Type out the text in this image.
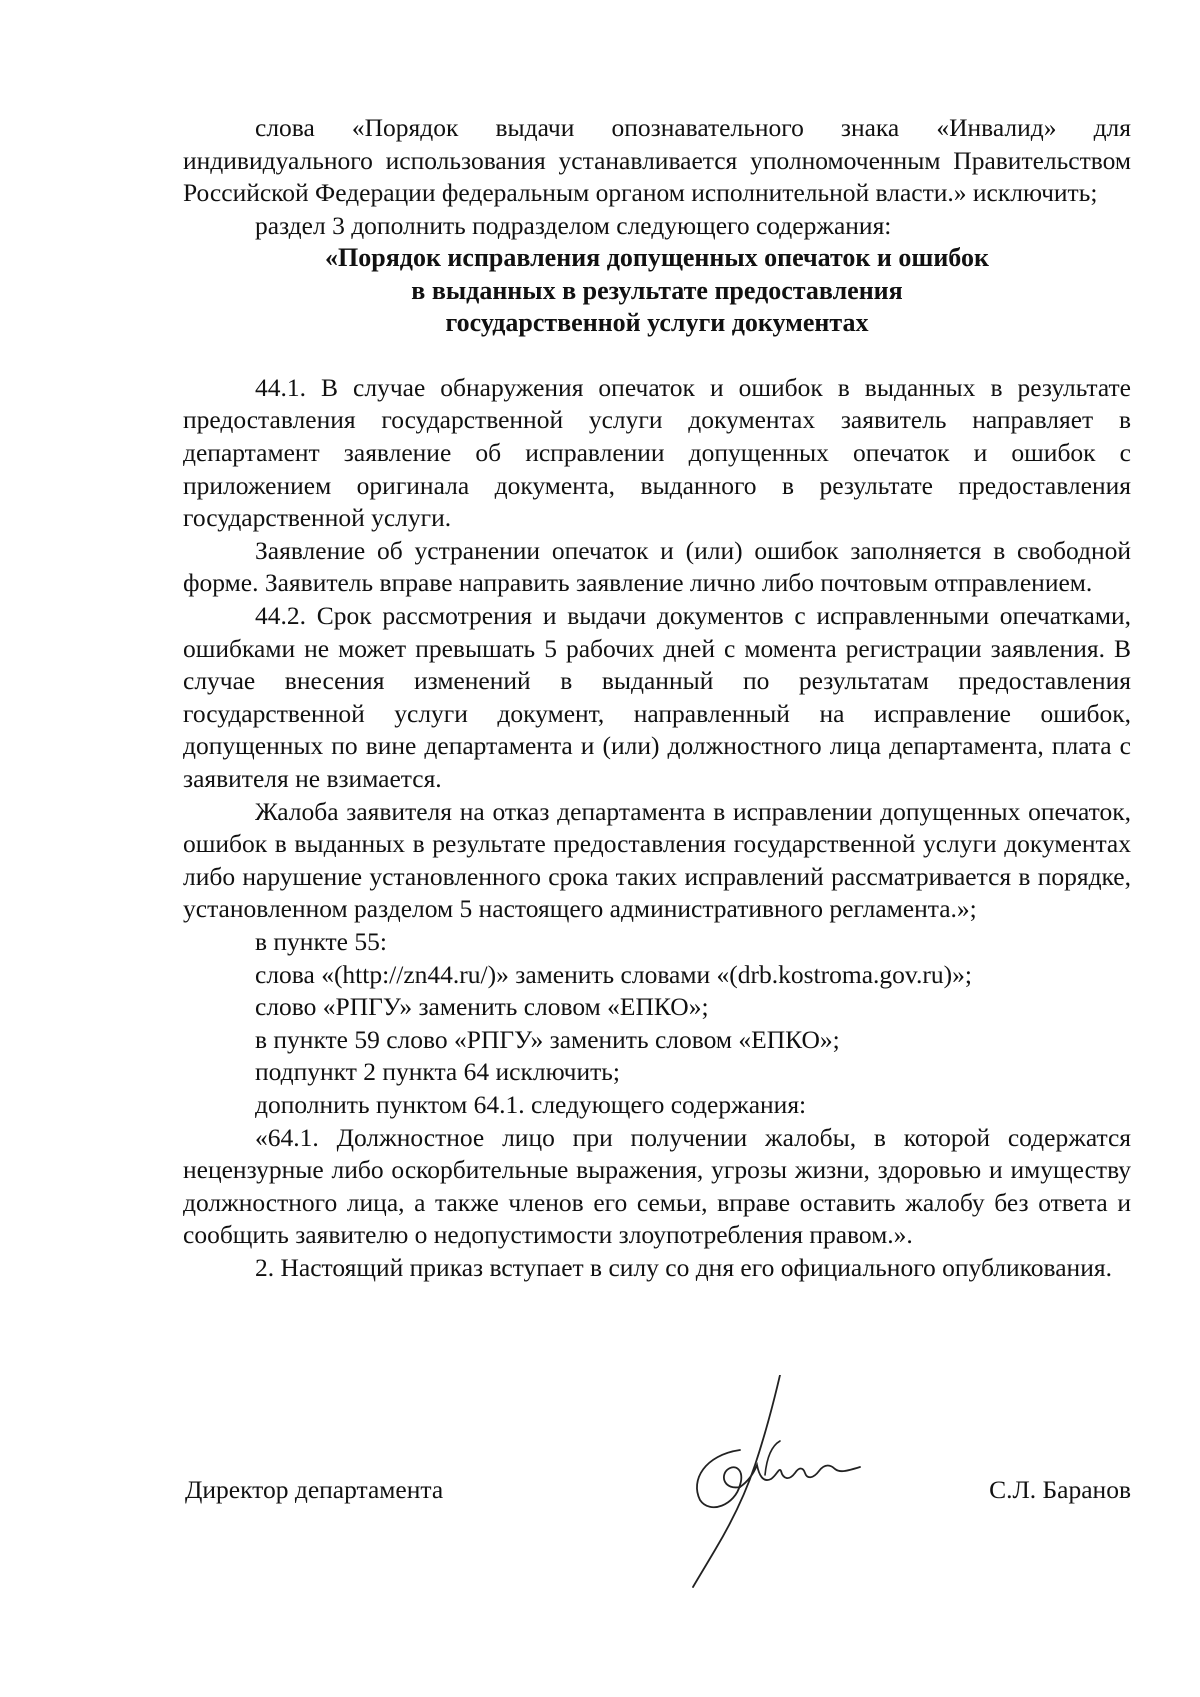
слова «Порядок выдачи опознавательного знака «Инвалид» для индивидуального использования устанавливается уполномоченным Правительством Российской Федерации федеральным органом исполнительной власти.» исключить;

раздел 3 дополнить подразделом следующего содержания:

«Порядок исправления допущенных опечаток и ошибок
в выданных в результате предоставления
государственной услуги документах

44.1. В случае обнаружения опечаток и ошибок в выданных в результате предоставления государственной услуги документах заявитель направляет в департамент заявление об исправлении допущенных опечаток и ошибок с приложением оригинала документа, выданного в результате предоставления государственной услуги.

Заявление об устранении опечаток и (или) ошибок заполняется в свободной форме. Заявитель вправе направить заявление лично либо почтовым отправлением.

44.2. Срок рассмотрения и выдачи документов с исправленными опечатками, ошибками не может превышать 5 рабочих дней с момента регистрации заявления. В случае внесения изменений в выданный по результатам предоставления государственной услуги документ, направленный на исправление ошибок, допущенных по вине департамента и (или) должностного лица департамента, плата с заявителя не взимается.

Жалоба заявителя на отказ департамента в исправлении допущенных опечаток, ошибок в выданных в результате предоставления государственной услуги документах либо нарушение установленного срока таких исправлений рассматривается в порядке, установленном разделом 5 настоящего административного регламента.»;

в пункте 55:

слова «(http://zn44.ru/)» заменить словами «(drb.kostroma.gov.ru)»;

слово «РПГУ» заменить словом «ЕПКО»;

в пункте 59 слово «РПГУ» заменить словом «ЕПКО»;

подпункт 2 пункта 64 исключить;

дополнить пунктом 64.1. следующего содержания:

«64.1. Должностное лицо при получении жалобы, в которой содержатся нецензурные либо оскорбительные выражения, угрозы жизни, здоровью и имуществу должностного лица, а также членов его семьи, вправе оставить жалобу без ответа и сообщить заявителю о недопустимости злоупотребления правом.».

2. Настоящий приказ вступает в силу со дня его официального опубликования.

Директор департамента	С.Л. Баранов
